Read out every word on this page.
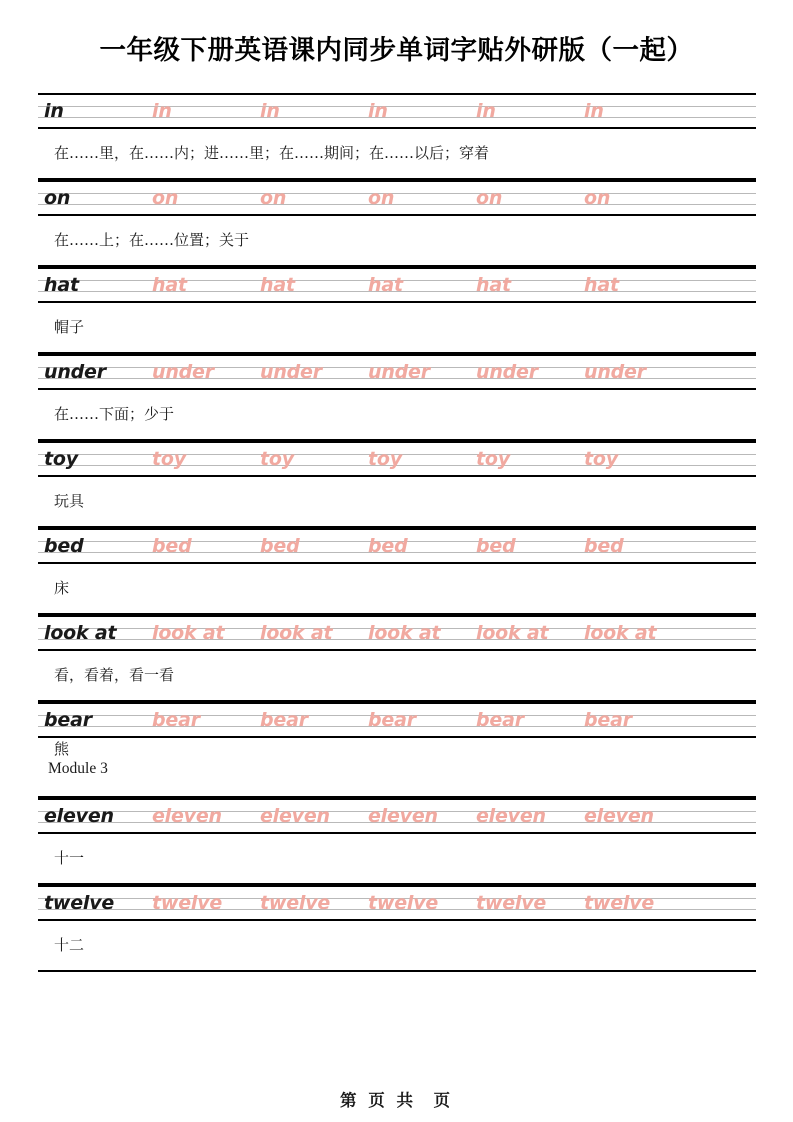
一年级下册英语课内同步单词字贴外研版（一起）
in	in	in	in	in	in
在……里，在……内；进……里；在……期间；在……以后；穿着
on	on	on	on	on	on
在……上；在……位置；关于
hat	hat	hat	hat	hat	hat
帽子
under	under	under	under	under	under
在……下面；少于
toy	toy	toy	toy	toy	toy
玩具
bed	bed	bed	bed	bed	bed
床
look at	look at	look at	look at	look at	look at
看，看着，看一看
bear	bear	bear	bear	bear	bear
熊
Module 3
eleven	eleven	eleven	eleven	eleven	eleven
十一
twelve	twelve	twelve	twelve	twelve	twelve
十二
第 页 共  页
